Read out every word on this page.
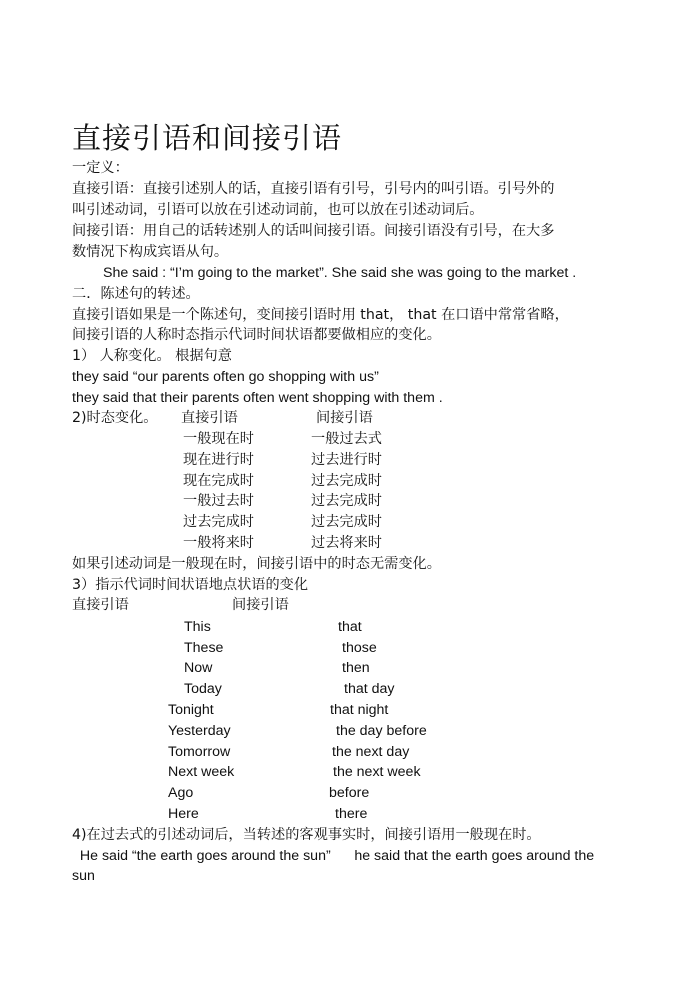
直接引语和间接引语
一定义：
直接引语：直接引述别人的话，直接引语有引号，引号内的叫引语。引号外的
叫引述动词，引语可以放在引述动词前，也可以放在引述动词后。
间接引语：用自己的话转述别人的话叫间接引语。间接引语没有引号，在大多
数情况下构成宾语从句。
She said : “I’m going to the market”. She said she was going to the market .
二．陈述句的转述。
直接引语如果是一个陈述句，变间接引语时用 that， that 在口语中常常省略，
间接引语的人称时态指示代词时间状语都要做相应的变化。
1） 人称变化。 根据句意
they said “our parents often go shopping with us”
they said that their parents often went shopping with them .
2)时态变化。 直接引语	间接引语
一般现在时	一般过去式
现在进行时	过去进行时
现在完成时	过去完成时
一般过去时	过去完成时
过去完成时	过去完成时
一般将来时	过去将来时
如果引述动词是一般现在时，间接引语中的时态无需变化。
3）指示代词时间状语地点状语的变化
直接引语	间接引语
This	that
These	those
Now	then
Today	that day
Tonight	that night
Yesterday	the day before
Tomorrow	the next day
Next week	the next week
Ago	before
Here	there
4)在过去式的引述动词后，当转述的客观事实时，间接引语用一般现在时。
He said “the earth goes around the sun”      he said that the earth goes around the
sun
